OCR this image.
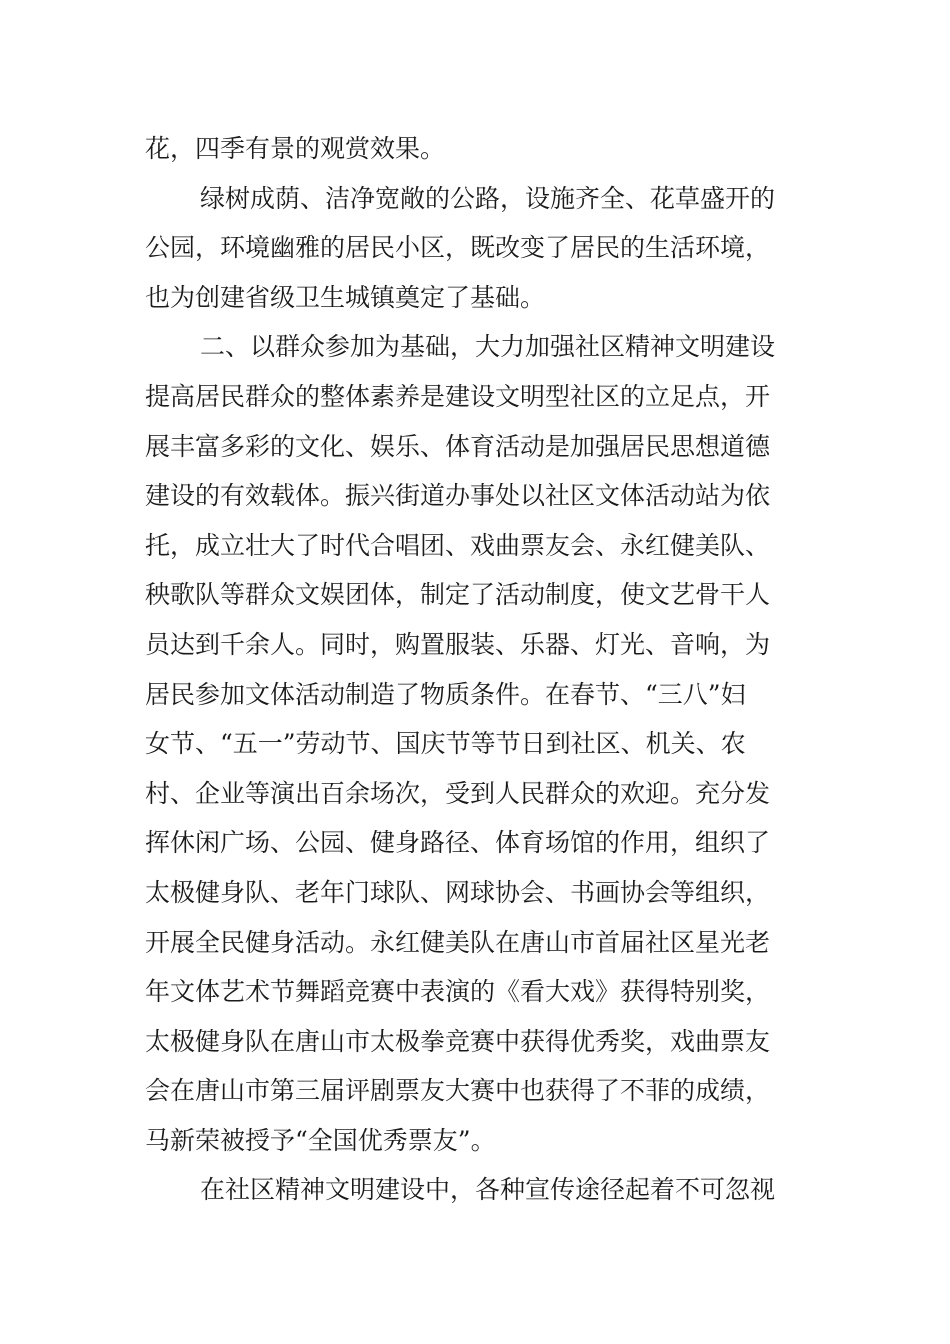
花，四季有景的观赏效果。
绿树成荫、洁净宽敞的公路，设施齐全、花草盛开的
公园，环境幽雅的居民小区，既改变了居民的生活环境，
也为创建省级卫生城镇奠定了基础。
二、以群众参加为基础，大力加强社区精神文明建设
提高居民群众的整体素养是建设文明型社区的立足点，开
展丰富多彩的文化、娱乐、体育活动是加强居民思想道德
建设的有效载体。振兴街道办事处以社区文体活动站为依
托，成立壮大了时代合唱团、戏曲票友会、永红健美队、
秧歌队等群众文娱团体，制定了活动制度，使文艺骨干人
员达到千余人。同时，购置服装、乐器、灯光、音响，为
居民参加文体活动制造了物质条件。在春节、“三八”妇
女节、“五一”劳动节、国庆节等节日到社区、机关、农
村、企业等演出百余场次，受到人民群众的欢迎。充分发
挥休闲广场、公园、健身路径、体育场馆的作用，组织了
太极健身队、老年门球队、网球协会、书画协会等组织，
开展全民健身活动。永红健美队在唐山市首届社区星光老
年文体艺术节舞蹈竞赛中表演的《看大戏》获得特别奖，
太极健身队在唐山市太极拳竞赛中获得优秀奖，戏曲票友
会在唐山市第三届评剧票友大赛中也获得了不菲的成绩，
马新荣被授予“全国优秀票友”。
在社区精神文明建设中，各种宣传途径起着不可忽视
